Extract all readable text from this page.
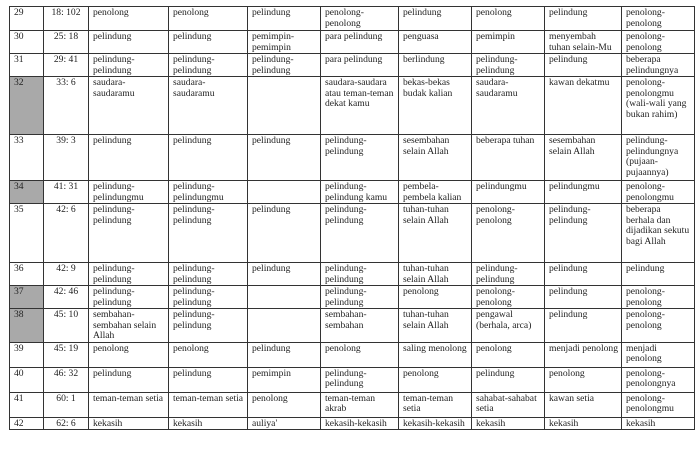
29	18: 102	penolong	penolong	pelindung	penolong-penolong	pelindung	penolong	pelindung	penolong-penolong
30	25: 18	pelindung	pelindung	pemimpin-pemimpin	para pelindung	penguasa	pemimpin	menyembah tuhan selain-Mu	penolong-penolong
31	29: 41	pelindung-pelindung	pelindung-pelindung	pelindung-pelindung	para pelindung	berlindung	pelindung-pelindung	pelindung	beberapa pelindungnya
32	33: 6	saudara-saudaramu	saudara-saudaramu		saudara-saudara atau teman-teman dekat kamu	bekas-bekas budak kalian	saudara-saudaramu	kawan dekatmu	penolong-penolongmu (wali-wali yang bukan rahim)
33	39: 3	pelindung	pelindung	pelindung	pelindung-pelindung	sesembahan selain Allah	beberapa tuhan	sesembahan selain Allah	pelindung-pelindungnya (pujaan-pujaannya)
34	41: 31	pelindung-pelindungmu	pelindung-pelindungmu		pelindung-pelindung kamu	pembela-pembela kalian	pelindungmu	pelindungmu	penolong-penolongmu
35	42: 6	pelindung-pelindung	pelindung-pelindung	pelindung	pelindung-pelindung	tuhan-tuhan selain Allah	penolong-penolong	pelindung-pelindung	beberapa berhala dan dijadikan sekutu bagi Allah
36	42: 9	pelindung-pelindung	pelindung-pelindung	pelindung	pelindung-pelindung	tuhan-tuhan selain Allah	pelindung-pelindung	pelindung	pelindung
37	42: 46	pelindung-pelindung	pelindung-pelindung		pelindung-pelindung	penolong	penolong-penolong	pelindung	penolong-penolong
38	45: 10	sembahan-sembahan selain Allah	pelindung-pelindung		sembahan-sembahan	tuhan-tuhan selain Allah	pengawal (berhala, arca)	pelindung	penolong-penolong
39	45: 19	penolong	penolong	pelindung	penolong	saling menolong	penolong	menjadi penolong	menjadi penolong
40	46: 32	pelindung	pelindung	pemimpin	pelindung-pelindung	penolong	pelindung	penolong	penolong-penolongnya
41	60: 1	teman-teman setia	teman-teman setia	penolong	teman-teman akrab	teman-teman setia	sahabat-sahabat setia	kawan setia	penolong-penolongmu
42	62: 6	kekasih	kekasih	auliya'	kekasih-kekasih	kekasih-kekasih	kekasih	kekasih	kekasih
